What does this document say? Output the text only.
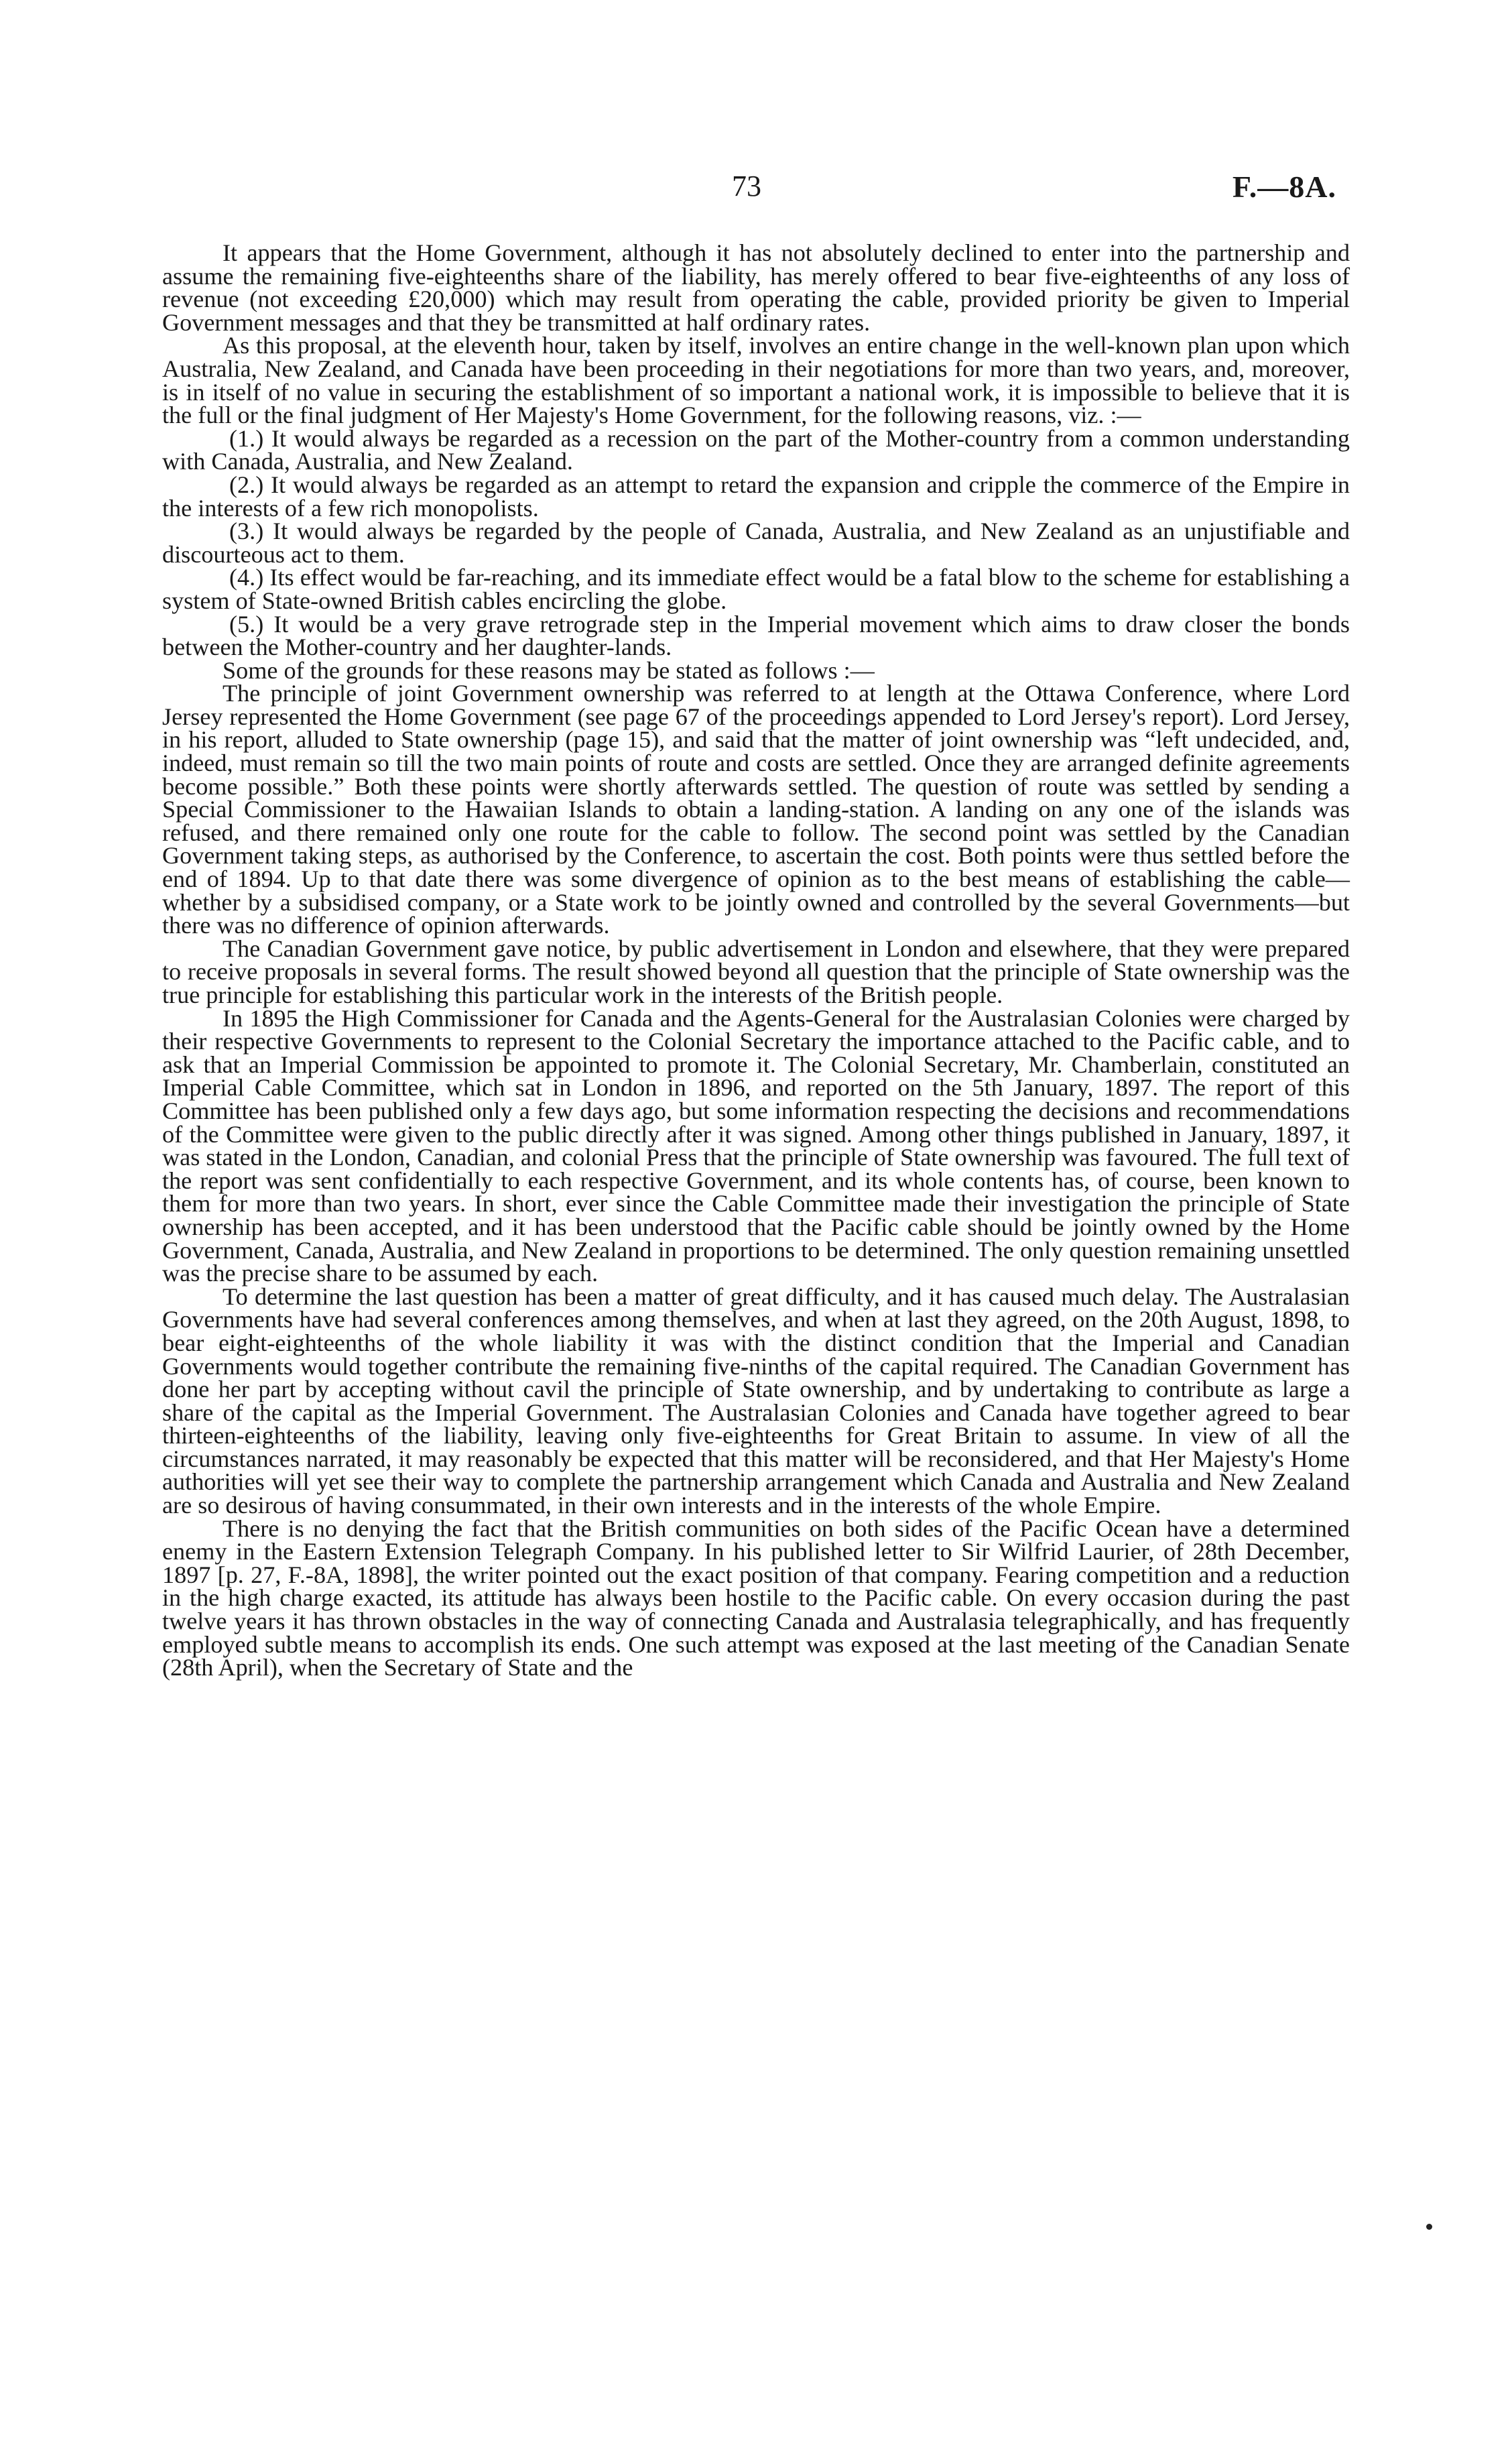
73	F.—8A.

It appears that the Home Government, although it has not absolutely declined to enter into the partnership and assume the remaining five-eighteenths share of the liability, has merely offered to bear five-eighteenths of any loss of revenue (not exceeding £20,000) which may result from operating the cable, provided priority be given to Imperial Government messages and that they be transmitted at half ordinary rates.

As this proposal, at the eleventh hour, taken by itself, involves an entire change in the well-known plan upon which Australia, New Zealand, and Canada have been proceeding in their negotiations for more than two years, and, moreover, is in itself of no value in securing the establishment of so important a national work, it is impossible to believe that it is the full or the final judgment of Her Majesty's Home Government, for the following reasons, viz. :—

(1.) It would always be regarded as a recession on the part of the Mother-country from a common understanding with Canada, Australia, and New Zealand.

(2.) It would always be regarded as an attempt to retard the expansion and cripple the commerce of the Empire in the interests of a few rich monopolists.

(3.) It would always be regarded by the people of Canada, Australia, and New Zealand as an unjustifiable and discourteous act to them.

(4.) Its effect would be far-reaching, and its immediate effect would be a fatal blow to the scheme for establishing a system of State-owned British cables encircling the globe.

(5.) It would be a very grave retrograde step in the Imperial movement which aims to draw closer the bonds between the Mother-country and her daughter-lands.

Some of the grounds for these reasons may be stated as follows :—

The principle of joint Government ownership was referred to at length at the Ottawa Conference, where Lord Jersey represented the Home Government (see page 67 of the proceedings appended to Lord Jersey's report). Lord Jersey, in his report, alluded to State ownership (page 15), and said that the matter of joint ownership was “left undecided, and, indeed, must remain so till the two main points of route and costs are settled. Once they are arranged definite agreements become possible.” Both these points were shortly afterwards settled. The question of route was settled by sending a Special Commissioner to the Hawaiian Islands to obtain a landing-station. A landing on any one of the islands was refused, and there remained only one route for the cable to follow. The second point was settled by the Canadian Government taking steps, as authorised by the Conference, to ascertain the cost. Both points were thus settled before the end of 1894. Up to that date there was some divergence of opinion as to the best means of establishing the cable—whether by a subsidised company, or a State work to be jointly owned and controlled by the several Governments—but there was no difference of opinion afterwards.

The Canadian Government gave notice, by public advertisement in London and elsewhere, that they were prepared to receive proposals in several forms. The result showed beyond all question that the principle of State ownership was the true principle for establishing this particular work in the interests of the British people.

In 1895 the High Commissioner for Canada and the Agents-General for the Australasian Colonies were charged by their respective Governments to represent to the Colonial Secretary the importance attached to the Pacific cable, and to ask that an Imperial Commission be appointed to promote it. The Colonial Secretary, Mr. Chamberlain, constituted an Imperial Cable Committee, which sat in London in 1896, and reported on the 5th January, 1897. The report of this Committee has been published only a few days ago, but some information respecting the decisions and recommendations of the Committee were given to the public directly after it was signed. Among other things published in January, 1897, it was stated in the London, Canadian, and colonial Press that the principle of State ownership was favoured. The full text of the report was sent confidentially to each respective Government, and its whole contents has, of course, been known to them for more than two years. In short, ever since the Cable Committee made their investigation the principle of State ownership has been accepted, and it has been understood that the Pacific cable should be jointly owned by the Home Government, Canada, Australia, and New Zealand in proportions to be determined. The only question remaining unsettled was the precise share to be assumed by each.

To determine the last question has been a matter of great difficulty, and it has caused much delay. The Australasian Governments have had several conferences among themselves, and when at last they agreed, on the 20th August, 1898, to bear eight-eighteenths of the whole liability it was with the distinct condition that the Imperial and Canadian Governments would together contribute the remaining five-ninths of the capital required. The Canadian Government has done her part by accepting without cavil the principle of State ownership, and by undertaking to contribute as large a share of the capital as the Imperial Government. The Australasian Colonies and Canada have together agreed to bear thirteen-eighteenths of the liability, leaving only five-eighteenths for Great Britain to assume. In view of all the circumstances narrated, it may reasonably be expected that this matter will be reconsidered, and that Her Majesty's Home authorities will yet see their way to complete the partnership arrangement which Canada and Australia and New Zealand are so desirous of having consummated, in their own interests and in the interests of the whole Empire.

There is no denying the fact that the British communities on both sides of the Pacific Ocean have a determined enemy in the Eastern Extension Telegraph Company. In his published letter to Sir Wilfrid Laurier, of 28th December, 1897 [p. 27, F.-8A, 1898], the writer pointed out the exact position of that company. Fearing competition and a reduction in the high charge exacted, its attitude has always been hostile to the Pacific cable. On every occasion during the past twelve years it has thrown obstacles in the way of connecting Canada and Australasia telegraphically, and has frequently employed subtle means to accomplish its ends. One such attempt was exposed at the last meeting of the Canadian Senate (28th April), when the Secretary of State and the
